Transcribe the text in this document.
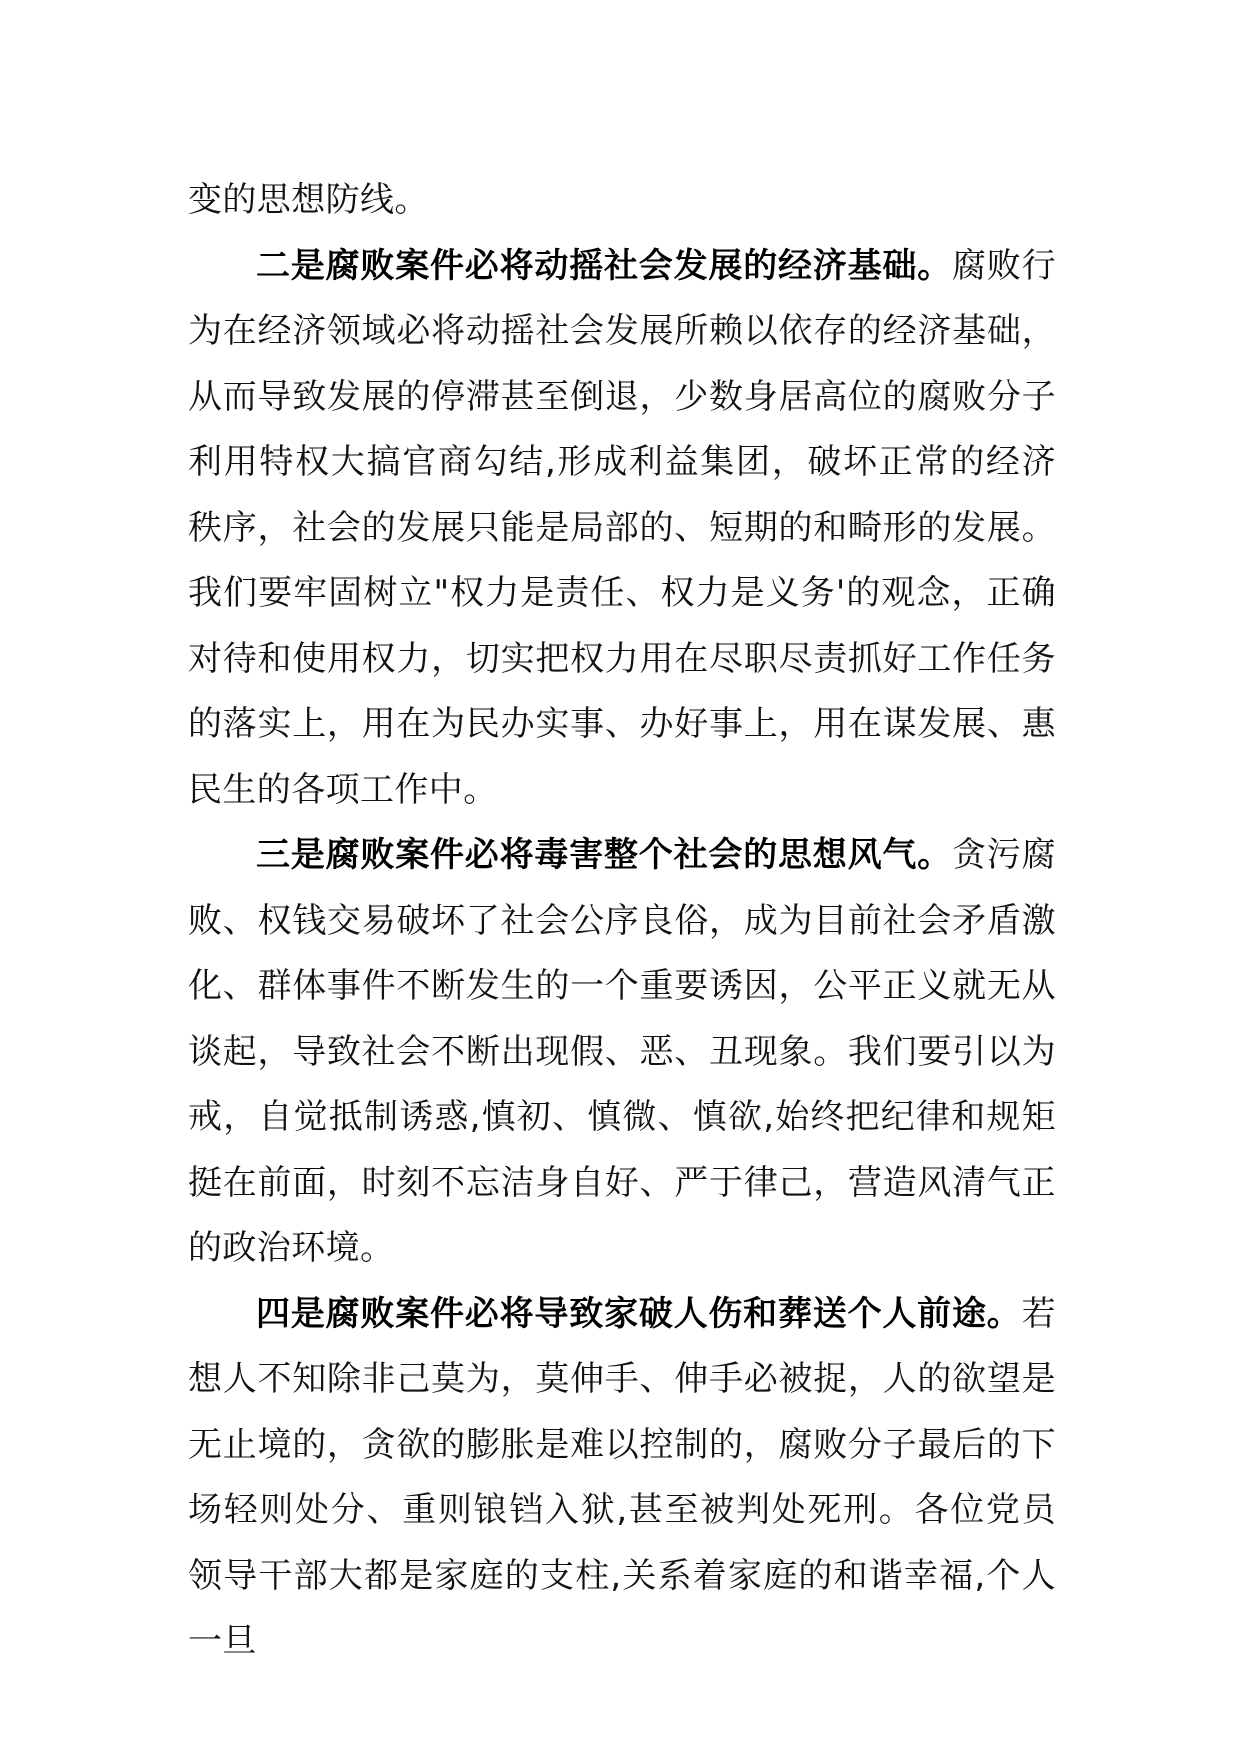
变的思想防线。

二是腐败案件必将动摇社会发展的经济基础。腐败行为在经济领域必将动摇社会发展所赖以依存的经济基础，从而导致发展的停滞甚至倒退，少数身居高位的腐败分子利用特权大搞官商勾结,形成利益集团，破坏正常的经济秩序，社会的发展只能是局部的、短期的和畸形的发展。我们要牢固树立"权力是责任、权力是义务'的观念，正确对待和使用权力，切实把权力用在尽职尽责抓好工作任务的落实上，用在为民办实事、办好事上，用在谋发展、惠民生的各项工作中。

三是腐败案件必将毒害整个社会的思想风气。贪污腐败、权钱交易破坏了社会公序良俗，成为目前社会矛盾激化、群体事件不断发生的一个重要诱因，公平正义就无从谈起，导致社会不断出现假、恶、丑现象。我们要引以为戒，自觉抵制诱惑,慎初、慎微、慎欲,始终把纪律和规矩挺在前面，时刻不忘洁身自好、严于律己，营造风清气正的政治环境。

四是腐败案件必将导致家破人伤和葬送个人前途。若想人不知除非己莫为，莫伸手、伸手必被捉，人的欲望是无止境的，贪欲的膨胀是难以控制的，腐败分子最后的下场轻则处分、重则锒铛入狱,甚至被判处死刑。各位党员领导干部大都是家庭的支柱,关系着家庭的和谐幸福,个人一旦
